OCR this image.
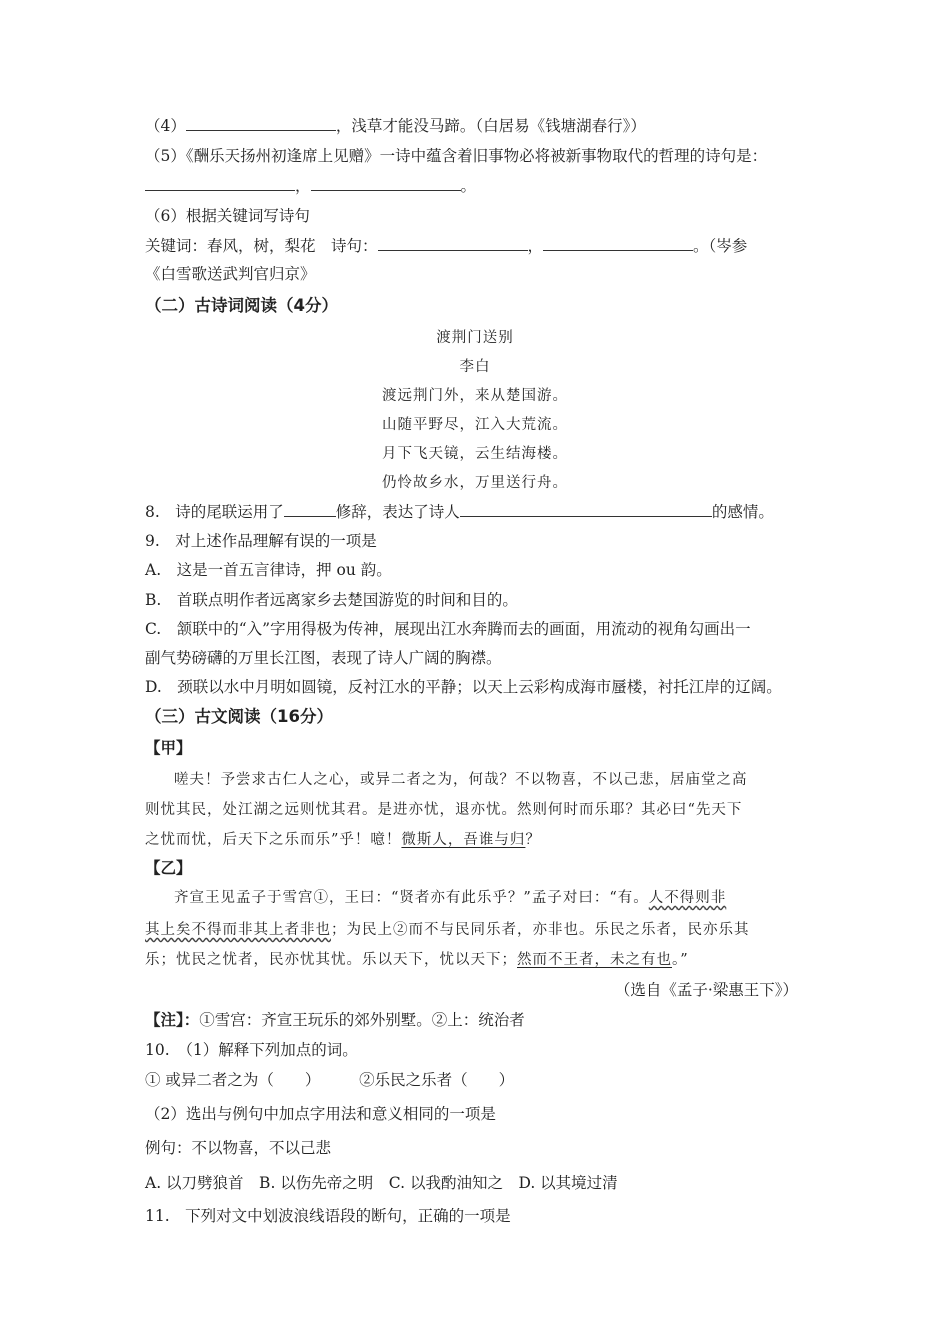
（4）	，浅草才能没马蹄。（白居易《钱塘湖春行》）
（5）《酬乐天扬州初逢席上见赠》一诗中蕴含着旧事物必将被新事物取代的哲理的诗句是：
，	。
（6）根据关键词写诗句
关键词：春风，树，梨花　诗句：	，	。（岑参
《白雪歌送武判官归京》
（二）古诗词阅读（4分）
渡荆门送别
李白
渡远荆门外，来从楚国游。
山随平野尽，江入大荒流。
月下飞天镜，云生结海楼。
仍怜故乡水，万里送行舟。
8.　诗的尾联运用了	修辞，表达了诗人	的感情。
9.　对上述作品理解有误的一项是
A.　这是一首五言律诗，押 ou 韵。
B.　首联点明作者远离家乡去楚国游览的时间和目的。
C.　颔联中的“入”字用得极为传神，展现出江水奔腾而去的画面，用流动的视角勾画出一
副气势磅礴的万里长江图，表现了诗人广阔的胸襟。
D.　颈联以水中月明如圆镜，反衬江水的平静；以天上云彩构成海市蜃楼，衬托江岸的辽阔。
（三）古文阅读（16分）
【甲】
嗟夫！予尝求古仁人之心，或异二者之为，何哉？不以物喜，不以己悲，居庙堂之高
则忧其民，处江湖之远则忧其君。是进亦忧，退亦忧。然则何时而乐耶？其必曰“先天下
之忧而忧，后天下之乐而乐”乎！噫！微斯人，吾谁与归？
【乙】
齐宣王见孟子于雪宫①，王曰：“贤者亦有此乐乎？”孟子对曰：“有。人不得则非
其上矣不得而非其上者非也；为民上②而不与民同乐者，亦非也。乐民之乐者，民亦乐其
乐；忧民之忧者，民亦忧其忧。乐以天下，忧以天下；然而不王者，未之有也。”
（选自《孟子·梁惠王下》）
【注】：①雪宫：齐宣王玩乐的郊外别墅。②上：统治者
10.　（1）解释下列加点的词。
① 或异二者之为（　　）　　　②乐民之乐者（　　）
（2）选出与例句中加点字用法和意义相同的一项是
例句：不以物喜，不以己悲
A. 以刀劈狼首　B. 以伤先帝之明　C. 以我酌油知之　D. 以其境过清
11.　下列对文中划波浪线语段的断句，正确的一项是
